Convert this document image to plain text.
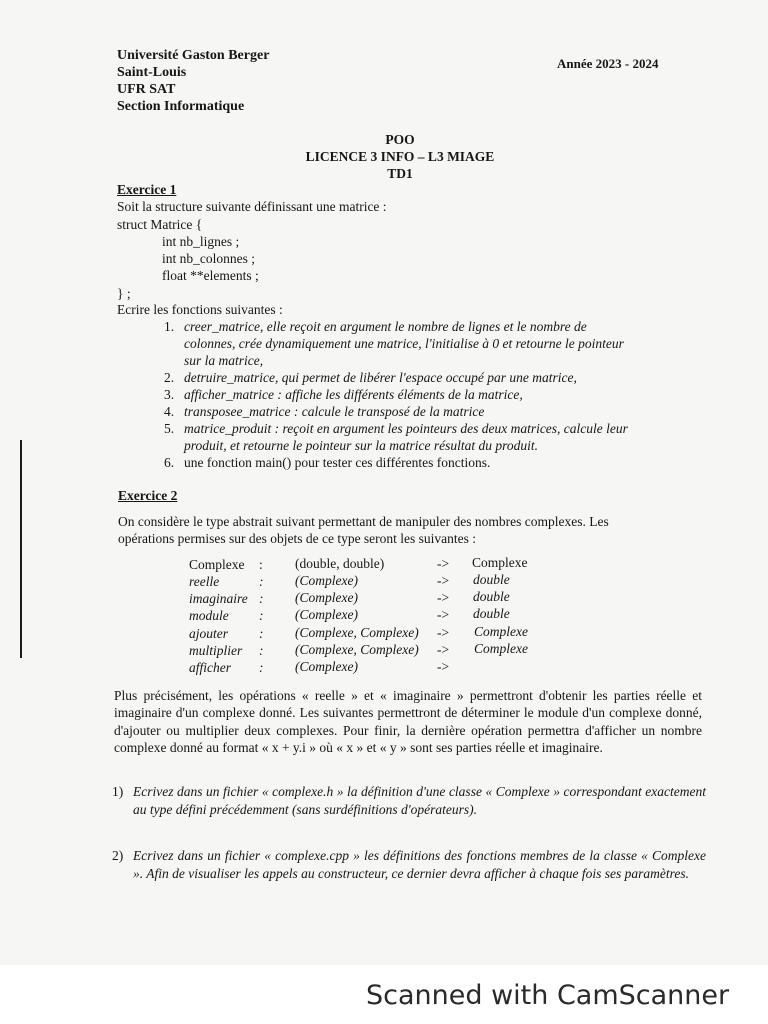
Université Gaston Berger
Saint-Louis
UFR SAT
Section Informatique
Année 2023 - 2024
POO
LICENCE 3 INFO – L3 MIAGE
TD1
Exercice 1
Soit la structure suivante définissant une matrice :
struct Matrice {
int nb_lignes ;
int nb_colonnes ;
float **elements ;
} ;
Ecrire les fonctions suivantes :
1. creer_matrice, elle reçoit en argument le nombre de lignes et le nombre de
colonnes, crée dynamiquement une matrice, l'initialise à 0 et retourne le pointeur
sur la matrice,
2. detruire_matrice, qui permet de libérer l'espace occupé par une matrice,
3. afficher_matrice : affiche les différents éléments de la matrice,
4. transposee_matrice : calcule le transposé de la matrice
5. matrice_produit : reçoit en argument les pointeurs des deux matrices, calcule leur
produit, et retourne le pointeur sur la matrice résultat du produit.
6. une fonction main() pour tester ces différentes fonctions.
Exercice 2
On considère le type abstrait suivant permettant de manipuler des nombres complexes. Les
opérations permises sur des objets de ce type seront les suivantes :
Complexe : (double, double)	-> Complexe
reelle	: (Complexe)	-> double
imaginaire : (Complexe)	-> double
module : (Complexe)	-> double
ajouter : (Complexe, Complexe) -> Complexe
multiplier : (Complexe, Complexe) -> Complexe
afficher : (Complexe)	->
Plus précisément, les opérations « reelle » et « imaginaire » permettront d'obtenir les parties réelle et imaginaire d'un complexe donné. Les suivantes permettront de déterminer le module d'un complexe donné, d'ajouter ou multiplier deux complexes. Pour finir, la dernière opération permettra d'afficher un nombre complexe donné au format « x + y.i » où « x » et « y » sont ses parties réelle et imaginaire.
1) Ecrivez dans un fichier « complexe.h » la définition d'une classe « Complexe » correspondant exactement au type défini précédemment (sans surdéfinitions d'opérateurs).
2) Ecrivez dans un fichier « complexe.cpp » les définitions des fonctions membres de la classe « Complexe ». Afin de visualiser les appels au constructeur, ce dernier devra afficher à chaque fois ses paramètres.
Scanned with CamScanner
